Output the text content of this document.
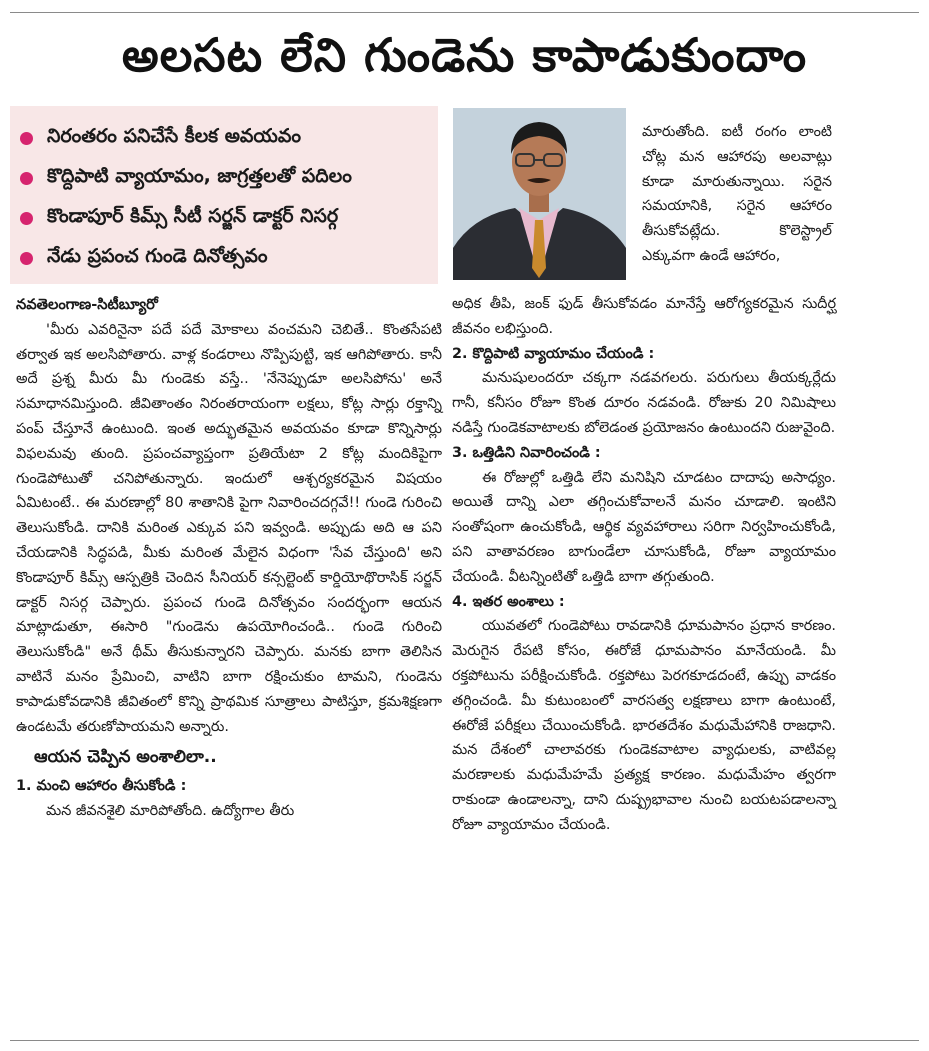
అలసట లేని గుండెను కాపాడుకుందాం
నిరంతరం పనిచేసే కీలక అవయవం
కొద్దిపాటి వ్యాయామం, జాగ్రత్తలతో పదిలం
కొండాపూర్ కిమ్స్ సీటీ సర్జన్ డాక్టర్ నిసర్గ
నేడు ప్రపంచ గుండె దినోత్సవం

నవతెలంగాణ-సిటీబ్యూరో

'మీరు ఎవరినైనా పదే పదే మోకాలు వంచమని చెబితే.. కొంతసేపటి తర్వాత ఇక అలసిపోతారు. వాళ్ల కండరాలు నొప్పిపుట్టి, ఇక ఆగిపోతారు. కానీ అదే ప్రశ్న మీరు మీ గుండెకు వస్తే.. 'నేనెప్పుడూ అలసిపోను' అనే సమాధానమిస్తుంది. జీవితాంతం నిరంతరాయంగా లక్షలు, కోట్ల సార్లు రక్తాన్ని పంప్ చేస్తూనే ఉంటుంది. ఇంత అద్భుతమైన అవయవం కూడా కొన్నిసార్లు విఫలమవు తుంది. ప్రపంచవ్యాప్తంగా ప్రతియేటా 2 కోట్ల మందికిపైగా గుండెపోటుతో చనిపోతున్నారు. ఇందులో ఆశ్చర్యకరమైన విషయం ఏమిటంటే.. ఈ మరణాల్లో 80 శాతానికి పైగా నివారించదగ్గవే!! గుండె గురించి తెలుసుకోండి. దానికి మరింత ఎక్కువ పని ఇవ్వండి. అప్పుడు అది ఆ పని చేయడానికి సిద్ధపడి, మీకు మరింత మేలైన విధంగా 'సేవ చేస్తుంది' అని కొండాపూర్ కిమ్స్ ఆస్పత్రికి చెందిన సీనియర్ కన్సల్టెంట్ కార్డియోథొరాసిక్ సర్జన్ డాక్టర్ నిసర్గ చెప్పారు. ప్రపంచ గుండె దినోత్సవం సందర్భంగా ఆయన మాట్లాడుతూ, ఈసారి "గుండెను ఉపయోగించండి.. గుండె గురించి తెలుసుకోండి" అనే థీమ్ తీసుకున్నారని చెప్పారు. మనకు బాగా తెలిసిన వాటినే మనం ప్రేమించి, వాటిని బాగా రక్షించుకుం టామని, గుండెను కాపాడుకోవడానికి జీవితంలో కొన్ని ప్రాథమిక సూత్రాలు పాటిస్తూ, క్రమశిక్షణగా ఉండటమే తరుణోపాయమని అన్నారు.

ఆయన చెప్పిన అంశాలిలా..

1. మంచి ఆహారం తీసుకోండి :

మన జీవనశైలి మారిపోతోంది. ఉద్యోగాల తీరు

మారుతోంది. ఐటీ రంగం లాంటి చోట్ల మన ఆహారపు అలవాట్లు కూడా మారుతున్నాయి. సరైన సమయానికి, సరైన ఆహారం తీసుకోవట్లేదు. కొలెస్ట్రాల్ ఎక్కువగా ఉండే ఆహారం,

అధిక తీపి, జంక్ ఫుడ్ తీసుకోవడం మానేస్తే ఆరోగ్యకరమైన సుదీర్ఘ జీవనం లభిస్తుంది.

2. కొద్దిపాటి వ్యాయామం చేయండి :

మనుషులందరూ చక్కగా నడవగలరు. పరుగులు తీయక్కర్లేదు గానీ, కనీసం రోజూ కొంత దూరం నడవండి. రోజుకు 20 నిమిషాలు నడిస్తే గుండెకవాటాలకు బోలెడంత ప్రయోజనం ఉంటుందని రుజువైంది.

3. ఒత్తిడిని నివారించండి :

ఈ రోజుల్లో ఒత్తిడి లేని మనిషిని చూడటం దాదాపు అసాధ్యం. అయితే దాన్ని ఎలా తగ్గించుకోవాలనే మనం చూడాలి. ఇంటిని సంతోషంగా ఉంచుకోండి, ఆర్థిక వ్యవహారాలు సరిగా నిర్వహించుకోండి, పని వాతావరణం బాగుండేలా చూసుకోండి, రోజూ వ్యాయామం చేయండి. వీటన్నింటితో ఒత్తిడి బాగా తగ్గుతుంది.

4. ఇతర అంశాలు :

యువతలో గుండెపోటు రావడానికి ధూమపానం ప్రధాన కారణం. మెరుగైన రేపటి కోసం, ఈరోజే ధూమపానం మానేయండి. మీ రక్తపోటును పరీక్షించుకోండి. రక్తపోటు పెరగకూడదంటే, ఉప్పు వాడకం తగ్గించండి. మీ కుటుంబంలో వారసత్వ లక్షణాలు బాగా ఉంటుంటే, ఈరోజే పరీక్షలు చేయించుకోండి. భారతదేశం మధుమేహానికి రాజధాని. మన దేశంలో చాలావరకు గుండెకవాటాల వ్యాధులకు, వాటివల్ల మరణాలకు మధుమేహమే ప్రత్యక్ష కారణం. మధుమేహం త్వరగా రాకుండా ఉండాలన్నా, దాని దుష్ప్రభావాల నుంచి బయటపడాలన్నా రోజూ వ్యాయామం చేయండి.
